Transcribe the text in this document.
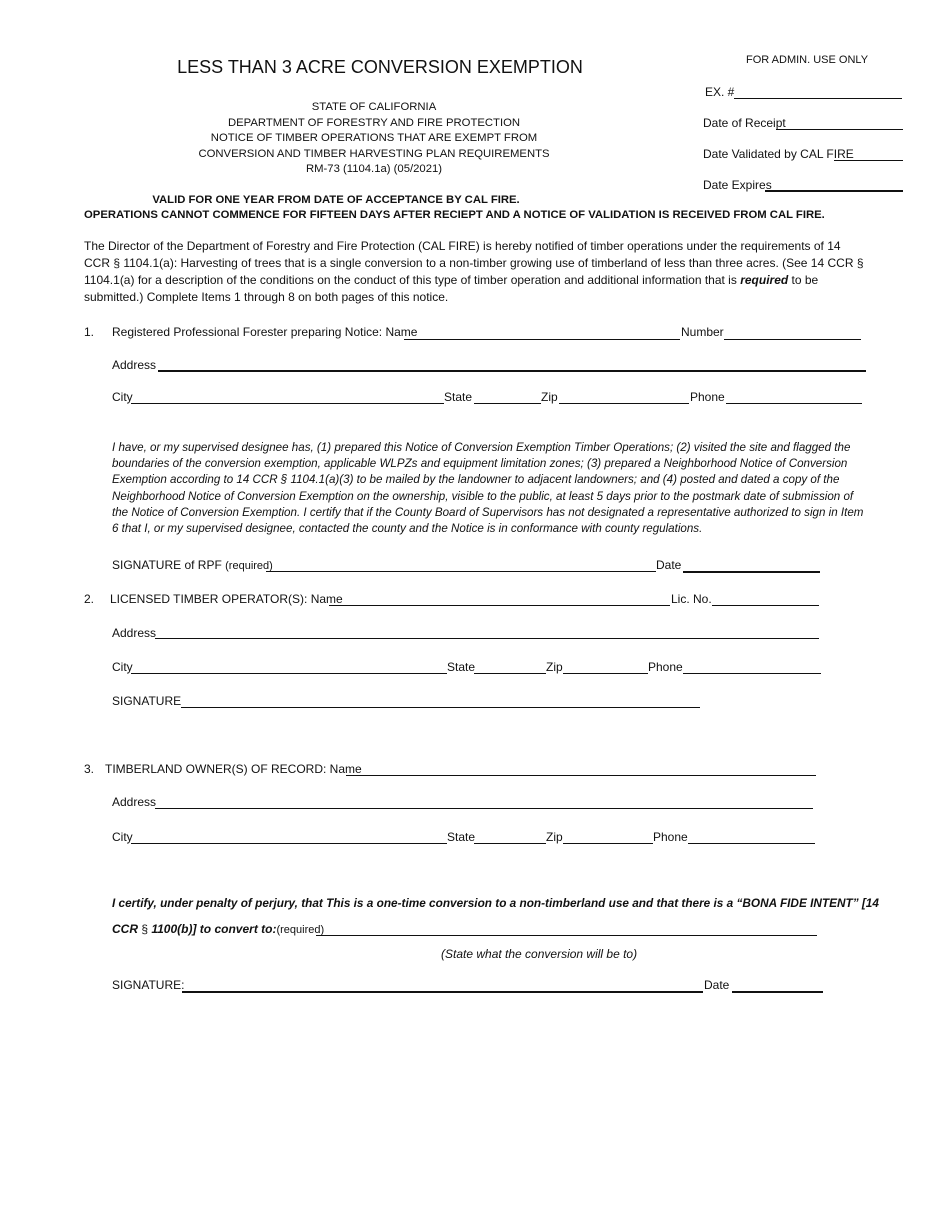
LESS THAN 3 ACRE CONVERSION EXEMPTION	FOR ADMIN. USE ONLY
EX. #
Date of Receipt
Date Validated by CAL FIRE
Date Expires
STATE OF CALIFORNIA
DEPARTMENT OF FORESTRY AND FIRE PROTECTION
NOTICE OF TIMBER OPERATIONS THAT ARE EXEMPT FROM
CONVERSION AND TIMBER HARVESTING PLAN REQUIREMENTS
RM-73 (1104.1a) (05/2021)
VALID FOR ONE YEAR FROM DATE OF ACCEPTANCE BY CAL FIRE.
OPERATIONS CANNOT COMMENCE FOR FIFTEEN DAYS AFTER RECIEPT AND A NOTICE OF VALIDATION IS RECEIVED FROM CAL FIRE.
The Director of the Department of Forestry and Fire Protection (CAL FIRE) is hereby notified of timber operations under the requirements of 14 CCR § 1104.1(a): Harvesting of trees that is a single conversion to a non-timber growing use of timberland of less than three acres. (See 14 CCR § 1104.1(a) for a description of the conditions on the conduct of this type of timber operation and additional information that is required to be submitted.) Complete Items 1 through 8 on both pages of this notice.
1. Registered Professional Forester preparing Notice: Name	Number
Address
City	State	Zip	Phone
I have, or my supervised designee has, (1) prepared this Notice of Conversion Exemption Timber Operations; (2) visited the site and flagged the boundaries of the conversion exemption, applicable WLPZs and equipment limitation zones; (3) prepared a Neighborhood Notice of Conversion Exemption according to 14 CCR § 1104.1(a)(3) to be mailed by the landowner to adjacent landowners; and (4) posted and dated a copy of the Neighborhood Notice of Conversion Exemption on the ownership, visible to the public, at least 5 days prior to the postmark date of submission of the Notice of Conversion Exemption. I certify that if the County Board of Supervisors has not designated a representative authorized to sign in Item 6 that I, or my supervised designee, contacted the county and the Notice is in conformance with county regulations.
SIGNATURE of RPF (required)	Date
2. LICENSED TIMBER OPERATOR(S): Name	Lic. No.
Address
City	State	Zip	Phone
SIGNATURE
3. TIMBERLAND OWNER(S) OF RECORD: Name
Address
City	State	Zip	Phone
I certify, under penalty of perjury, that This is a one-time conversion to a non-timberland use and that there is a “BONA FIDE INTENT” [14
CCR § 1100(b)] to convert to:(required)
(State what the conversion will be to)
SIGNATURE:	Date
